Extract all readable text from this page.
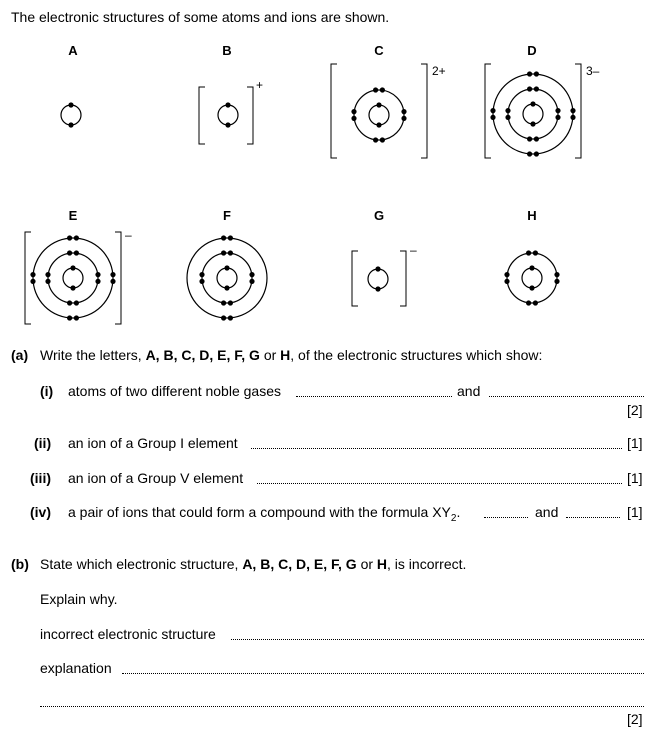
The electronic structures of some atoms and ions are shown.
A	B	C	D
E	F	G	H
+
2+	3–
–
–
(a) Write the letters, A, B, C, D, E, F, G or H, of the electronic structures which show:
(i) atoms of two different noble gases	and
[2]
(ii) an ion of a Group I element	[1]
(iii) an ion of a Group V element	[1]
(iv) a pair of ions that could form a compound with the formula $XY_2$.	and	[1]
(b) State which electronic structure, A, B, C, D, E, F, G or H, is incorrect.
Explain why.
incorrect electronic structure
explanation
[2]
